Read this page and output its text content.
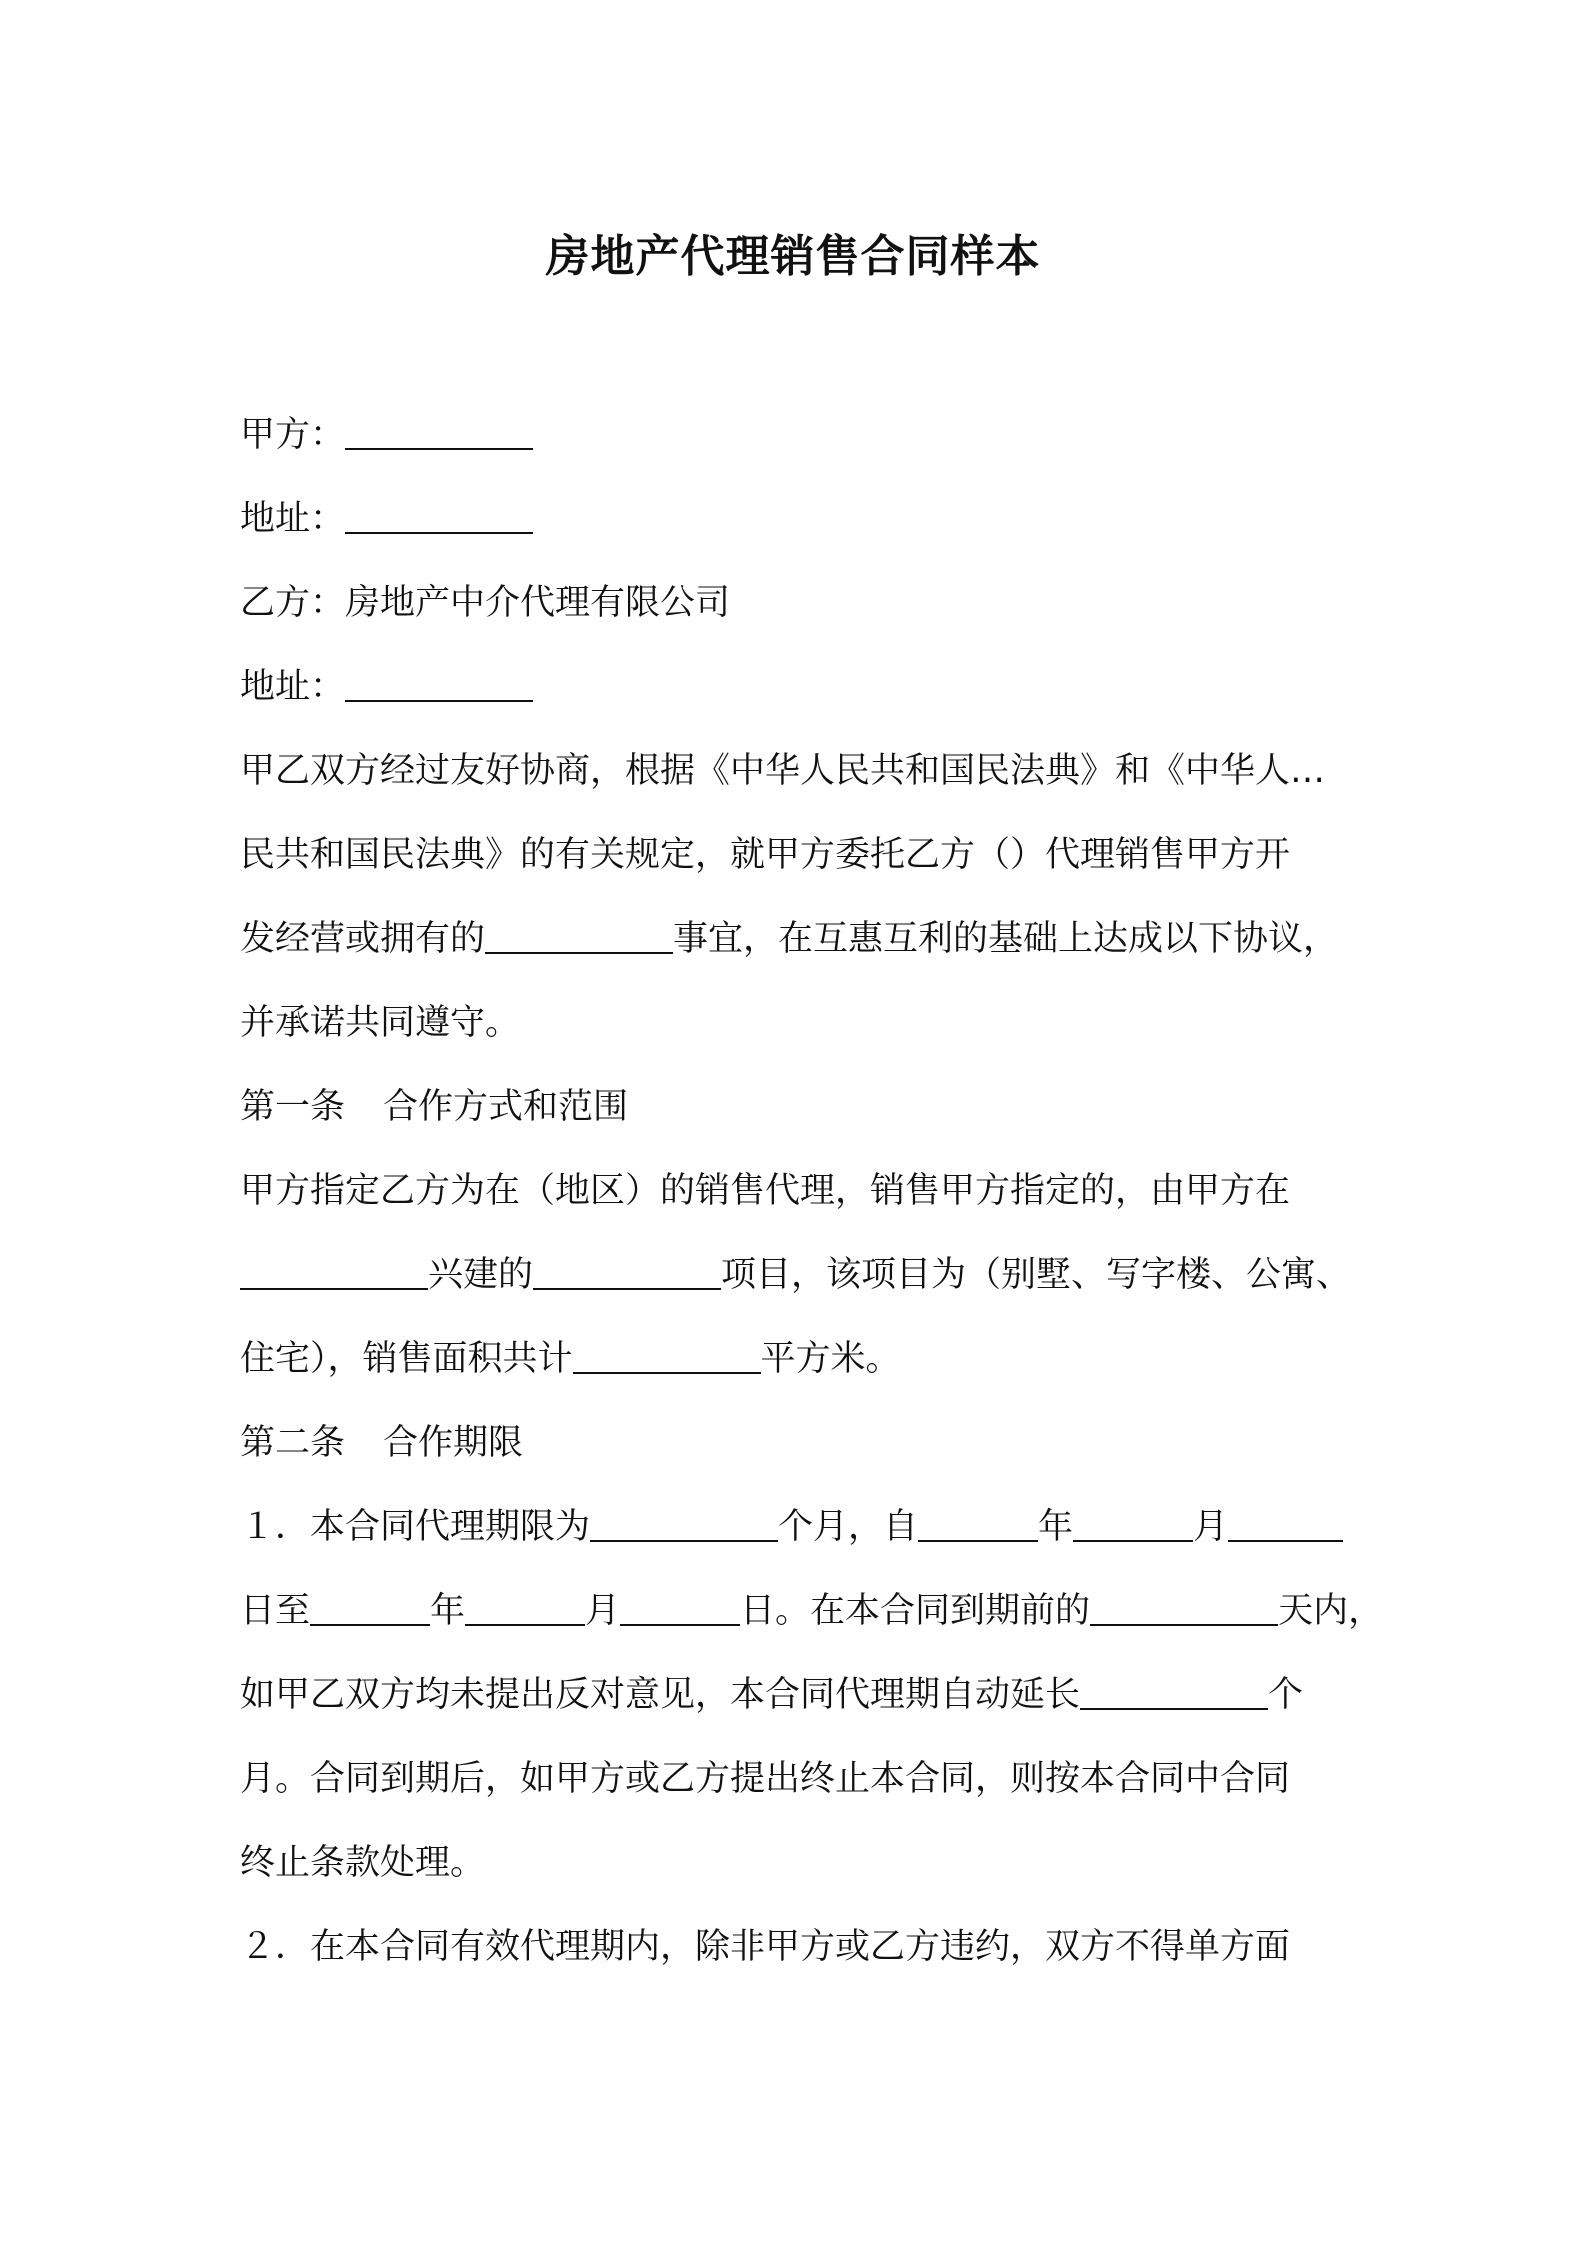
房地产代理销售合同样本
甲方：
地址：
乙方：房地产中介代理有限公司
地址：
甲乙双方经过友好协商，根据《中华人民共和国民法典》和《中华人…
民共和国民法典》的有关规定，就甲方委托乙方（）代理销售甲方开
发经营或拥有的	事宜，在互惠互利的基础上达成以下协议，
并承诺共同遵守。
第一条 合作方式和范围
甲方指定乙方为在（地区）的销售代理，销售甲方指定的，由甲方在
兴建的	项目，该项目为（别墅、写字楼、公寓、
住宅），销售面积共计	平方米。
第二条 合作期限
１．本合同代理期限为	个月，自	年	月
日至	年	月	日。在本合同到期前的	天内，
如甲乙双方均未提出反对意见，本合同代理期自动延长	个
月。合同到期后，如甲方或乙方提出终止本合同，则按本合同中合同
终止条款处理。
２．在本合同有效代理期内，除非甲方或乙方违约，双方不得单方面
